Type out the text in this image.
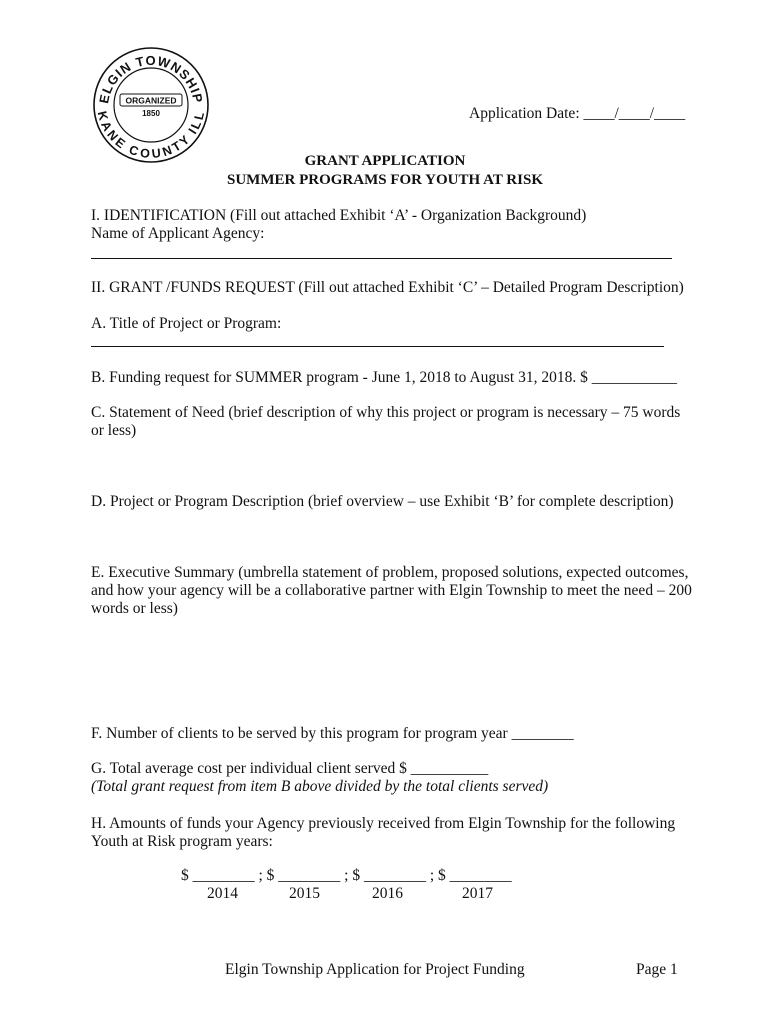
ELGIN TOWNSHIP
KANE COUNTY ILL
ORGANIZED
1850	Application Date: ____/____/____
GRANT APPLICATION
SUMMER PROGRAMS FOR YOUTH AT RISK
I. IDENTIFICATION (Fill out attached Exhibit ‘A’ - Organization Background)
Name of Applicant Agency:
II. GRANT /FUNDS REQUEST (Fill out attached Exhibit ‘C’ – Detailed Program Description)
A. Title of Project or Program:
B. Funding request for SUMMER program - June 1, 2018 to August 31, 2018. $ ___________
C. Statement of Need (brief description of why this project or program is necessary – 75 words
or less)
D. Project or Program Description (brief overview – use Exhibit ‘B’ for complete description)
E. Executive Summary (umbrella statement of problem, proposed solutions, expected outcomes,
and how your agency will be a collaborative partner with Elgin Township to meet the need – 200
words or less)
F. Number of clients to be served by this program for program year ________
G. Total average cost per individual client served $ __________
(Total grant request from item B above divided by the total clients served)
H. Amounts of funds your Agency previously received from Elgin Township for the following
Youth at Risk program years:
$ ________ ; $ ________ ; $ ________ ; $ ________
2014	2015	2016	2017
Elgin Township Application for Project Funding	Page 1
